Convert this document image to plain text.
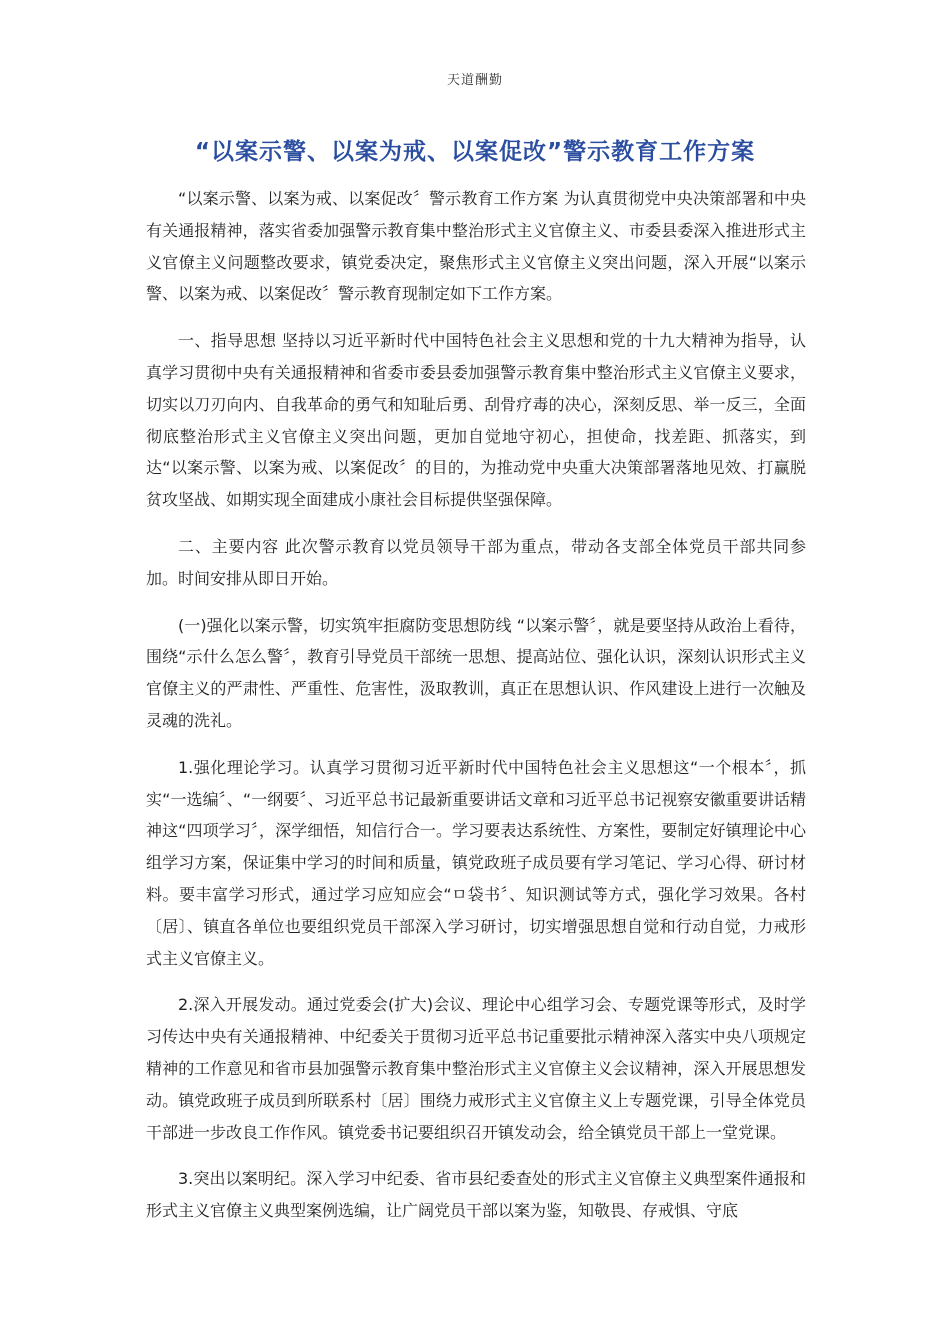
天道酬勤
“以案示警、以案为戒、以案促改”警示教育工作方案

“以案示警、以案为戒、以案促改〞警示教育工作方案 为认真贯彻党中央决策部署和中央有关通报精神，落实省委加强警示教育集中整治形式主义官僚主义、市委县委深入推进形式主义官僚主义问题整改要求，镇党委决定，聚焦形式主义官僚主义突出问题，深入开展“以案示警、以案为戒、以案促改〞警示教育现制定如下工作方案。

一、指导思想 坚持以习近平新时代中国特色社会主义思想和党的十九大精神为指导，认真学习贯彻中央有关通报精神和省委市委县委加强警示教育集中整治形式主义官僚主义要求，切实以刀刃向内、自我革命的勇气和知耻后勇、刮骨疗毒的决心，深刻反思、举一反三，全面彻底整治形式主义官僚主义突出问题，更加自觉地守初心，担使命，找差距、抓落实，到达“以案示警、以案为戒、以案促改〞的目的，为推动党中央重大决策部署落地见效、打赢脱贫攻坚战、如期实现全面建成小康社会目标提供坚强保障。

二、主要内容 此次警示教育以党员领导干部为重点，带动各支部全体党员干部共同参加。时间安排从即日开始。

(一)强化以案示警，切实筑牢拒腐防变思想防线 “以案示警〞，就是要坚持从政治上看待，围绕“示什么怎么警〞，教育引导党员干部统一思想、提高站位、强化认识，深刻认识形式主义官僚主义的严肃性、严重性、危害性，汲取教训，真正在思想认识、作风建设上进行一次触及灵魂的洗礼。

1.强化理论学习。认真学习贯彻习近平新时代中国特色社会主义思想这“一个根本〞，抓实“一选编〞、“一纲要〞、习近平总书记最新重要讲话文章和习近平总书记视察安徽重要讲话精神这“四项学习〞，深学细悟，知信行合一。学习要表达系统性、方案性，要制定好镇理论中心组学习方案，保证集中学习的时间和质量，镇党政班子成员要有学习笔记、学习心得、研讨材料。要丰富学习形式，通过学习应知应会“ㅁ袋书〞、知识测试等方式，强化学习效果。各村〔居〕、镇直各单位也要组织党员干部深入学习研讨，切实增强思想自觉和行动自觉，力戒形式主义官僚主义。

2.深入开展发动。通过党委会(扩大)会议、理论中心组学习会、专题党课等形式，及时学习传达中央有关通报精神、中纪委关于贯彻习近平总书记重要批示精神深入落实中央八项规定精神的工作意见和省市县加强警示教育集中整治形式主义官僚主义会议精神，深入开展思想发动。镇党政班子成员到所联系村〔居〕围绕力戒形式主义官僚主义上专题党课，引导全体党员干部进一步改良工作作风。镇党委书记要组织召开镇发动会，给全镇党员干部上一堂党课。

3.突出以案明纪。深入学习中纪委、省市县纪委查处的形式主义官僚主义典型案件通报和形式主义官僚主义典型案例选编，让广阔党员干部以案为鉴，知敬畏、存戒惧、守底
